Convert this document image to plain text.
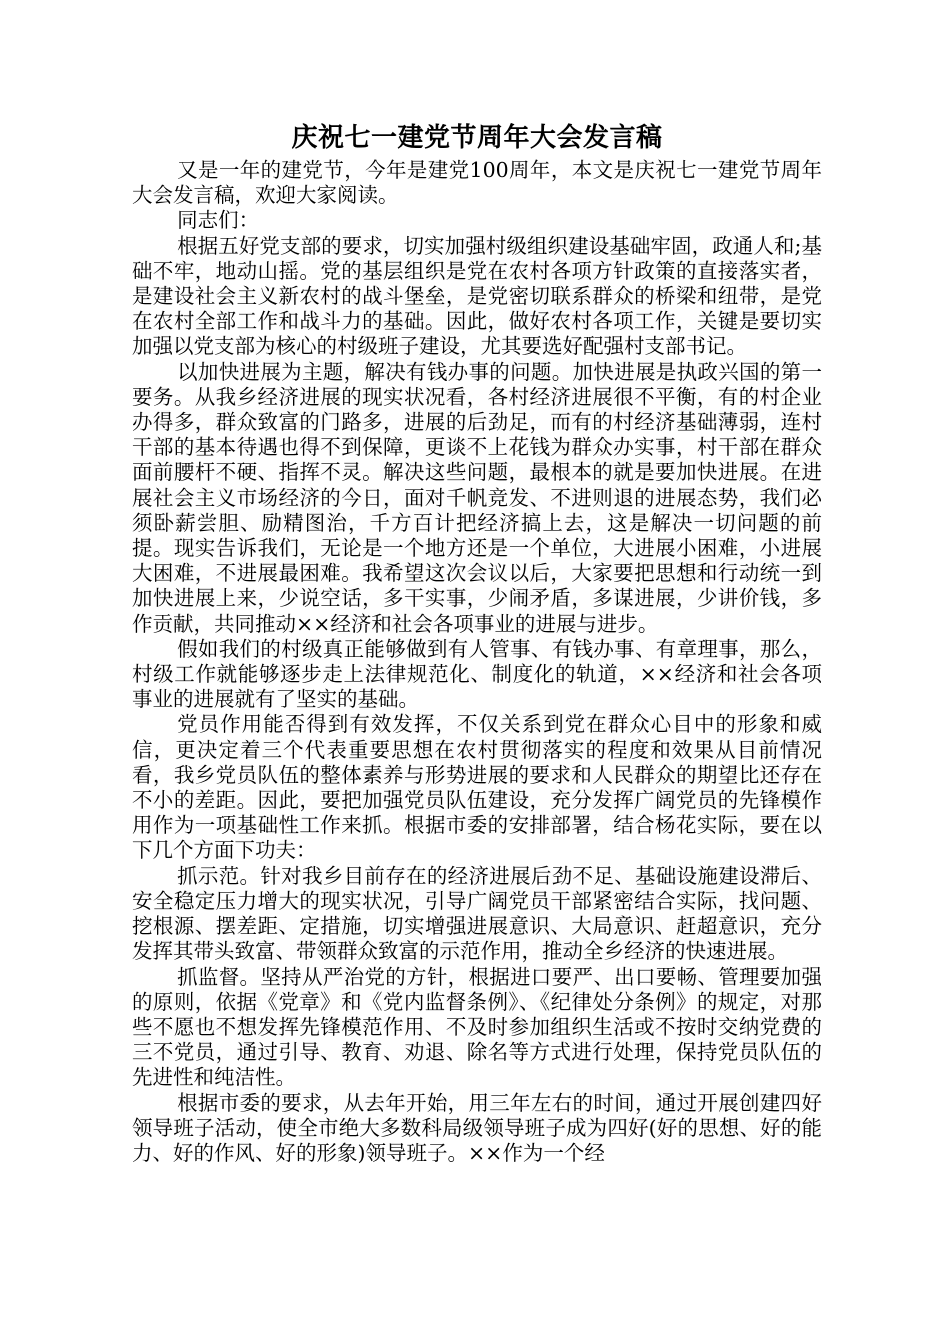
庆祝七一建党节周年大会发言稿

又是一年的建党节，今年是建党100周年，本文是庆祝七一建党节周年大会发言稿，欢迎大家阅读。

同志们：

根据五好党支部的要求，切实加强村级组织建设基础牢固，政通人和;基础不牢，地动山摇。党的基层组织是党在农村各项方针政策的直接落实者，是建设社会主义新农村的战斗堡垒，是党密切联系群众的桥梁和纽带，是党在农村全部工作和战斗力的基础。因此，做好农村各项工作，关键是要切实加强以党支部为核心的村级班子建设，尤其要选好配强村支部书记。

以加快进展为主题，解决有钱办事的问题。加快进展是执政兴国的第一要务。从我乡经济进展的现实状况看，各村经济进展很不平衡，有的村企业办得多，群众致富的门路多，进展的后劲足，而有的村经济基础薄弱，连村干部的基本待遇也得不到保障，更谈不上花钱为群众办实事，村干部在群众面前腰杆不硬、指挥不灵。解决这些问题，最根本的就是要加快进展。在进展社会主义市场经济的今日，面对千帆竞发、不进则退的进展态势，我们必须卧薪尝胆、励精图治，千方百计把经济搞上去，这是解决一切问题的前提。现实告诉我们，无论是一个地方还是一个单位，大进展小困难，小进展大困难，不进展最困难。我希望这次会议以后，大家要把思想和行动统一到加快进展上来，少说空话，多干实事，少闹矛盾，多谋进展，少讲价钱，多作贡献，共同推动××经济和社会各项事业的进展与进步。

假如我们的村级真正能够做到有人管事、有钱办事、有章理事，那么，村级工作就能够逐步走上法律规范化、制度化的轨道，××经济和社会各项事业的进展就有了坚实的基础。

党员作用能否得到有效发挥，不仅关系到党在群众心目中的形象和威信，更决定着三个代表重要思想在农村贯彻落实的程度和效果从目前情况看，我乡党员队伍的整体素养与形势进展的要求和人民群众的期望比还存在不小的差距。因此，要把加强党员队伍建设，充分发挥广阔党员的先锋模作用作为一项基础性工作来抓。根据市委的安排部署，结合杨花实际，要在以下几个方面下功夫：

抓示范。针对我乡目前存在的经济进展后劲不足、基础设施建设滞后、安全稳定压力增大的现实状况，引导广阔党员干部紧密结合实际，找问题、挖根源、摆差距、定措施，切实增强进展意识、大局意识、赶超意识，充分发挥其带头致富、带领群众致富的示范作用，推动全乡经济的快速进展。

抓监督。坚持从严治党的方针，根据进口要严、出口要畅、管理要加强的原则，依据《党章》和《党内监督条例》、《纪律处分条例》的规定，对那些不愿也不想发挥先锋模范作用、不及时参加组织生活或不按时交纳党费的三不党员，通过引导、教育、劝退、除名等方式进行处理，保持党员队伍的先进性和纯洁性。

根据市委的要求，从去年开始，用三年左右的时间，通过开展创建四好领导班子活动，使全市绝大多数科局级领导班子成为四好(好的思想、好的能力、好的作风、好的形象)领导班子。××作为一个经
